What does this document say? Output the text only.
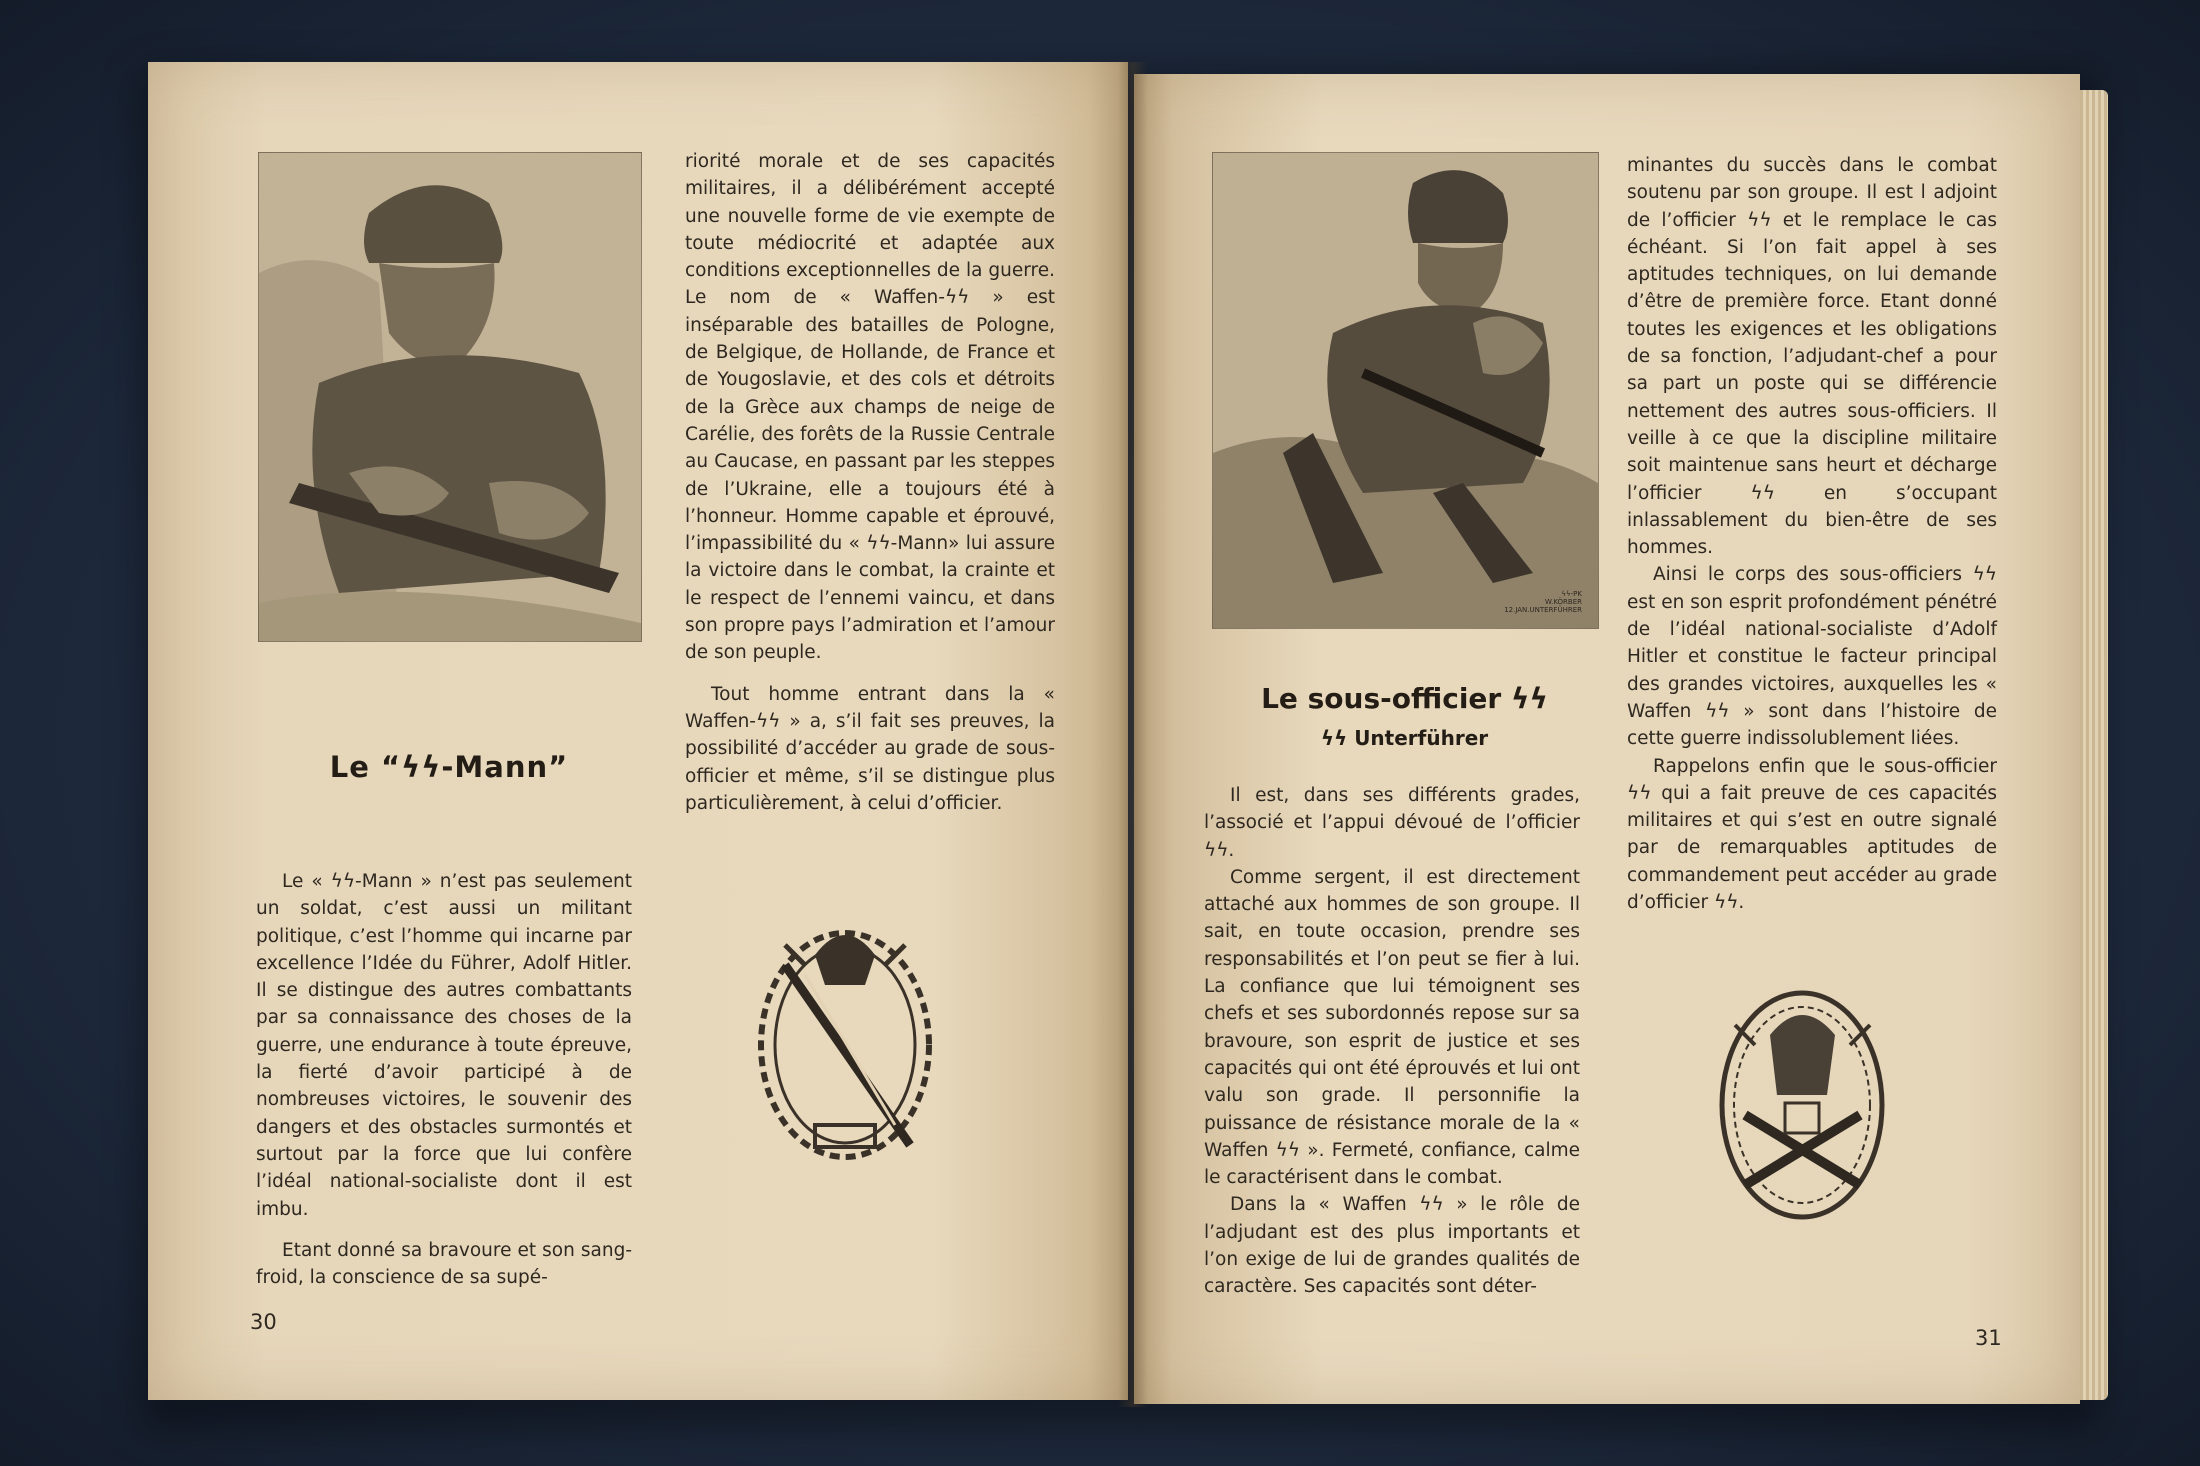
Le “ϟϟ-Mann”

Le « ϟϟ-Mann » n’est pas seulement un soldat, c’est aussi un militant politique, c’est l’homme qui incarne par excellence l’Idée du Führer, Adolf Hitler. Il se distingue des autres combattants par sa connaissance des choses de la guerre, une endurance à toute épreuve, la fierté d’avoir participé à de nombreuses victoires, le souvenir des dangers et des obstacles surmontés et surtout par la force que lui confère l’idéal national-socialiste dont il est imbu.

Etant donné sa bravoure et son sang-froid, la conscience de sa supé-

riorité morale et de ses capacités militaires, il a délibérément accepté une nouvelle forme de vie exempte de toute médiocrité et adaptée aux conditions exceptionnelles de la guerre. Le nom de « Waffen-ϟϟ » est inséparable des batailles de Pologne, de Belgique, de Hollande, de France et de Yougoslavie, et des cols et détroits de la Grèce aux champs de neige de Carélie, des forêts de la Russie Centrale au Caucase, en passant par les steppes de l’Ukraine, elle a toujours été à l’honneur. Homme capable et éprouvé, l’impassibilité du « ϟϟ-Mann» lui assure la victoire dans le combat, la crainte et le respect de l’ennemi vaincu, et dans son propre pays l’admiration et l’amour de son peuple.

Tout homme entrant dans la « Waffen-ϟϟ » a, s’il fait ses preuves, la possibilité d’accéder au grade de sous-officier et même, s’il se distingue plus particulièrement, à celui d’officier.

30
ϟϟ-PK
W.KÖRBER
12.JAN.UNTERFÜHRER
Le sous-officier ϟϟ
ϟϟ Unterführer

Il est, dans ses différents grades, l’associé et l’appui dévoué de l’officier ϟϟ.

Comme sergent, il est directement attaché aux hommes de son groupe. Il sait, en toute occasion, prendre ses responsabilités et l’on peut se fier à lui. La confiance que lui témoignent ses chefs et ses subordonnés repose sur sa bravoure, son esprit de justice et ses capacités qui ont été éprouvés et lui ont valu son grade. Il personnifie la puissance de résistance morale de la « Waffen ϟϟ ». Fermeté, confiance, calme le caractérisent dans le combat.

Dans la « Waffen ϟϟ » le rôle de l’adjudant est des plus importants et l’on exige de lui de grandes qualités de caractère. Ses capacités sont déter-

minantes du succès dans le combat soutenu par son groupe. Il est l adjoint de l’officier ϟϟ et le remplace le cas échéant. Si l’on fait appel à ses aptitudes techniques, on lui demande d’être de première force. Etant donné toutes les exigences et les obligations de sa fonction, l’adjudant-chef a pour sa part un poste qui se différencie nettement des autres sous-officiers. Il veille à ce que la discipline militaire soit maintenue sans heurt et décharge l’officier ϟϟ en s’occupant inlassablement du bien-être de ses hommes.

Ainsi le corps des sous-officiers ϟϟ est en son esprit profondément pénétré de l’idéal national-socialiste d’Adolf Hitler et constitue le facteur principal des grandes victoires, auxquelles les « Waffen ϟϟ » sont dans l’histoire de cette guerre indissolublement liées.

Rappelons enfin que le sous-officier ϟϟ qui a fait preuve de ces capacités militaires et qui s’est en outre signalé par de remarquables aptitudes de commandement peut accéder au grade d’officier ϟϟ.

31
